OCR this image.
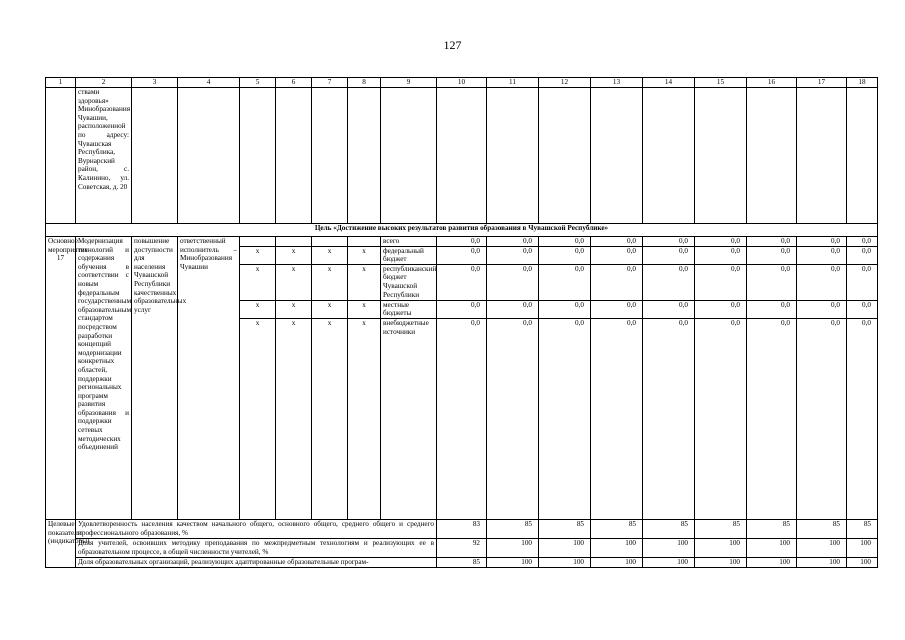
127
1	2	3	4	5	6	7	8	9	10	11	12	13	14	15	16	17	18
	ствами здоровья» Минобразования Чувашии, расположенной по адресу: Чувашская Республика, Вурнарский район, с. Калинино, ул. Советская, д. 20																
Цель «Достижение высоких результатов развития образования в Чувашской Республике»																	
Основное мероприятие 17	Модернизация технологий и содержания обучения в соответствии с новым федеральным государственным образовательным стандартом посредством разработки концепций модернизации конкретных областей, поддержки региональных программ развития образования и поддержки сетевых методических объединений	повышение доступности для населения Чувашской Республики качественных образовательных услуг	ответственный исполнитель – Минобразования Чувашии					всего	0,0	0,0	0,0	0,0	0,0	0,0	0,0	0,0	0,0
				x	x	x	x	федеральный бюджет	0,0	0,0	0,0	0,0	0,0	0,0	0,0	0,0	0,0
				x	x	x	x	республиканский бюджет Чувашской Республики	0,0	0,0	0,0	0,0	0,0	0,0	0,0	0,0	0,0
				x	x	x	x	местные бюджеты	0,0	0,0	0,0	0,0	0,0	0,0	0,0	0,0	0,0
				x	x	x	x	внебюджетные источники	0,0	0,0	0,0	0,0	0,0	0,0	0,0	0,0	0,0
Целевые показатели (индикаторы)	Удовлетворенность населения качеством начального общего, основного общего, среднего общего и среднего профессионального образования, %								83	85	85	85	85	85	85	85	85
	Доля учителей, освоивших методику преподавания по межпредметным технологиям и реализующих ее в образовательном процессе, в общей численности учителей, %								92	100	100	100	100	100	100	100	100
	Доля образовательных организаций, реализующих адаптированные образовательные програм-								85	100	100	100	100	100	100	100	100
